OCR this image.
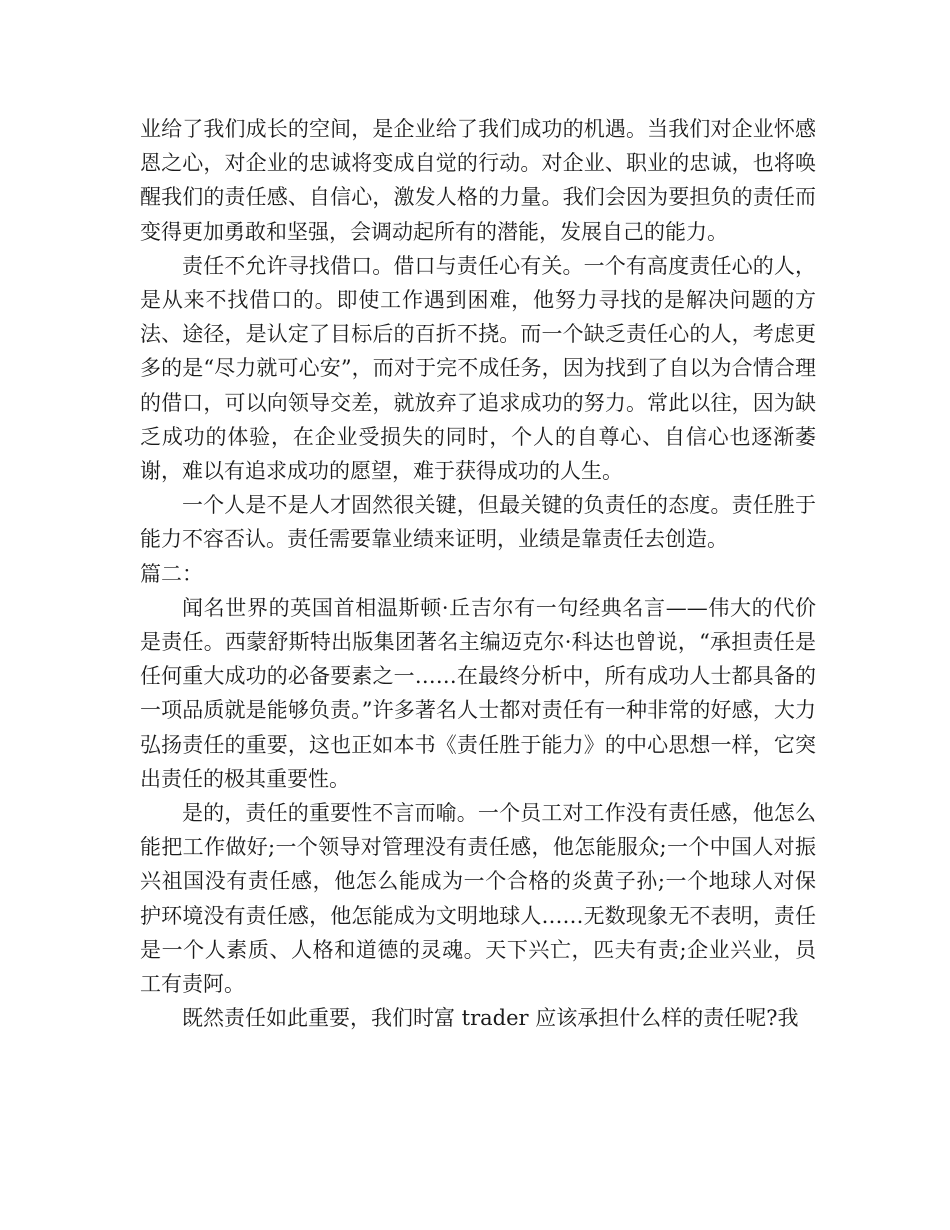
业给了我们成长的空间，是企业给了我们成功的机遇。当我们对企业怀感恩之心，对企业的忠诚将变成自觉的行动。对企业、职业的忠诚，也将唤醒我们的责任感、自信心，激发人格的力量。我们会因为要担负的责任而变得更加勇敢和坚强，会调动起所有的潜能，发展自己的能力。

责任不允许寻找借口。借口与责任心有关。一个有高度责任心的人，是从来不找借口的。即使工作遇到困难，他努力寻找的是解决问题的方法、途径，是认定了目标后的百折不挠。而一个缺乏责任心的人，考虑更多的是“尽力就可心安”，而对于完不成任务，因为找到了自以为合情合理的借口，可以向领导交差，就放弃了追求成功的努力。常此以往，因为缺乏成功的体验，在企业受损失的同时，个人的自尊心、自信心也逐渐萎谢，难以有追求成功的愿望，难于获得成功的人生。

一个人是不是人才固然很关键，但最关键的负责任的态度。责任胜于能力不容否认。责任需要靠业绩来证明，业绩是靠责任去创造。

篇二：

闻名世界的英国首相温斯顿·丘吉尔有一句经典名言——伟大的代价是责任。西蒙舒斯特出版集团著名主编迈克尔·科达也曾说，“承担责任是任何重大成功的必备要素之一……在最终分析中，所有成功人士都具备的一项品质就是能够负责。”许多著名人士都对责任有一种非常的好感，大力弘扬责任的重要，这也正如本书《责任胜于能力》的中心思想一样，它突出责任的极其重要性。

是的，责任的重要性不言而喻。一个员工对工作没有责任感，他怎么能把工作做好;一个领导对管理没有责任感，他怎能服众;一个中国人对振兴祖国没有责任感，他怎么能成为一个合格的炎黄子孙;一个地球人对保护环境没有责任感，他怎能成为文明地球人……无数现象无不表明，责任是一个人素质、人格和道德的灵魂。天下兴亡，匹夫有责;企业兴业，员工有责阿。

既然责任如此重要，我们时富 trader 应该承担什么样的责任呢?我
